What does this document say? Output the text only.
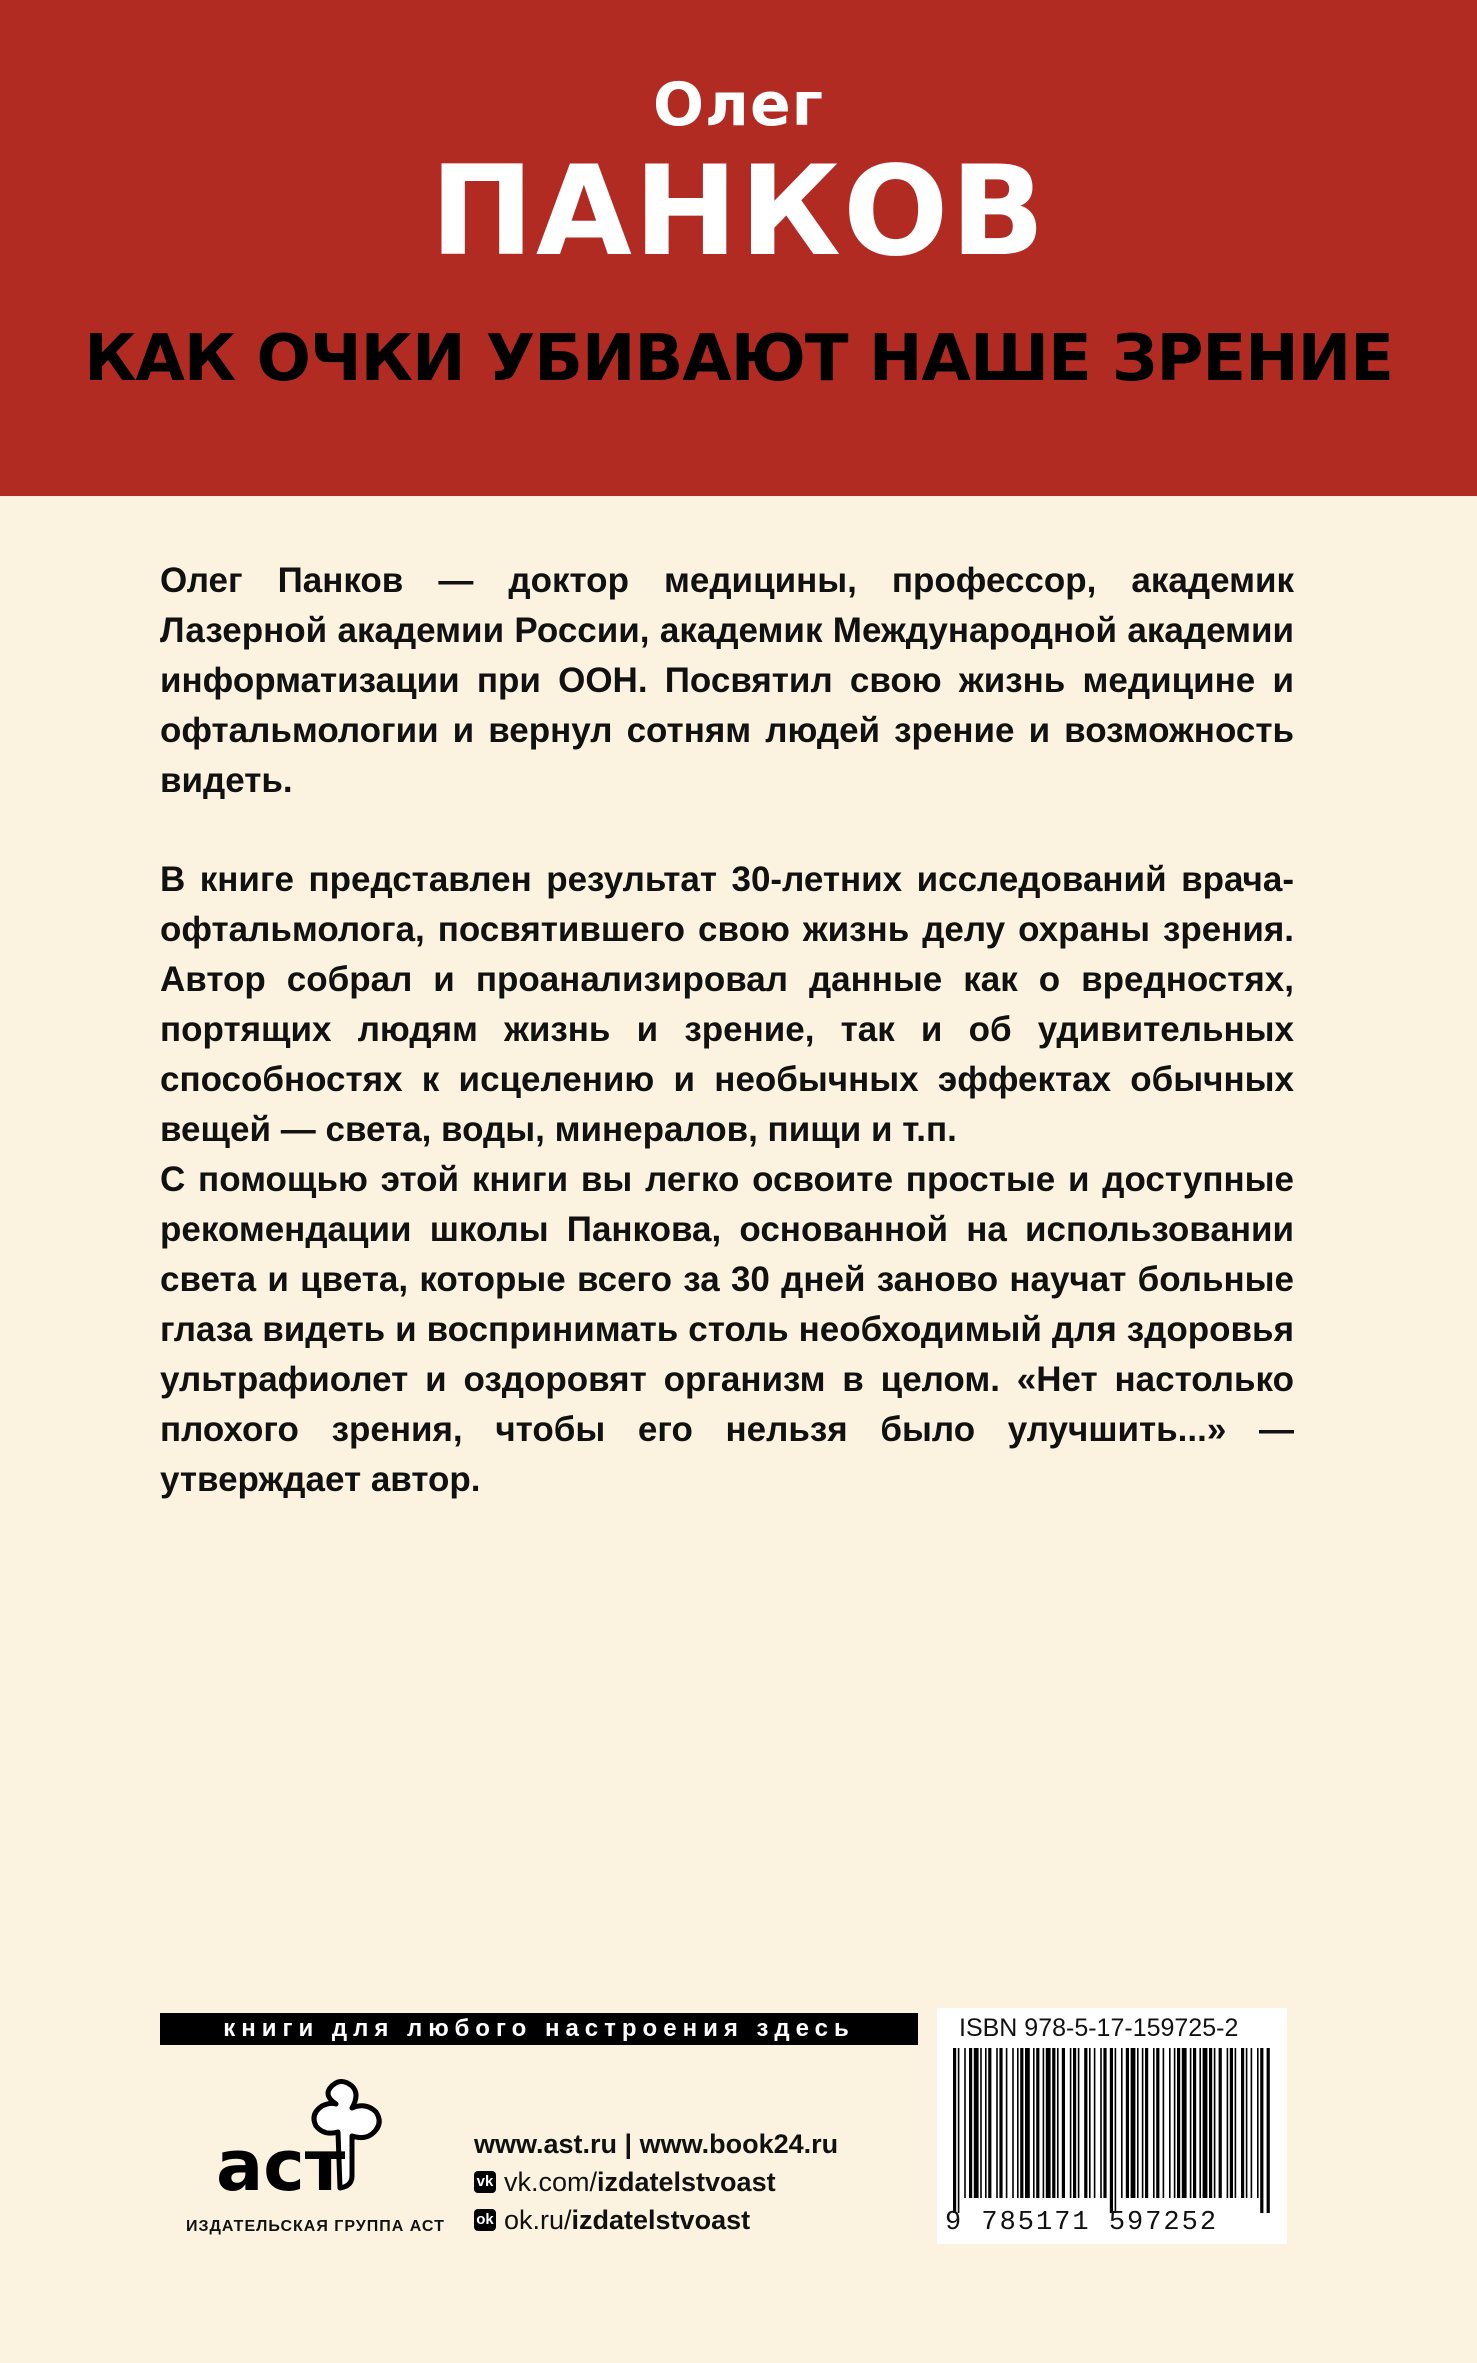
Олег
ПАНКОВ
КАК ОЧКИ УБИВАЮТ НАШЕ ЗРЕНИЕ

Олег Панков — доктор медицины, профессор, академик Лазерной академии России, академик Международной академии информатизации при ООН. Посвятил свою жизнь медицине и офтальмологии и вернул сотням людей зрение и возможность видеть.

В книге представлен результат 30-летних исследований врача-офтальмолога, посвятившего свою жизнь делу охраны зрения. Автор собрал и проанализировал данные как о вредностях, портящих людям жизнь и зрение, так и об удивительных способностях к исцелению и необычных эффектах обычных вещей — света, воды, минералов, пищи и т.п.

С помощью этой книги вы легко освоите простые и доступные рекомендации школы Панкова, основанной на использовании света и цвета, которые всего за 30 дней заново научат больные глаза видеть и воспринимать столь необходимый для здоровья ультрафиолет и оздоровят организм в целом. «Нет настолько плохого зрения, чтобы его нельзя было улучшить...» — утверждает автор.

книги для любого настроения здесь
аст
ИЗДАТЕЛЬСКАЯ ГРУППА АСТ
www.ast.ru | www.book24.ru
vk vk.com/ izdatelstvoast
ok ok.ru/ izdatelstvoast
ISBN 978-5-17-159725-2
9 785171 597252
